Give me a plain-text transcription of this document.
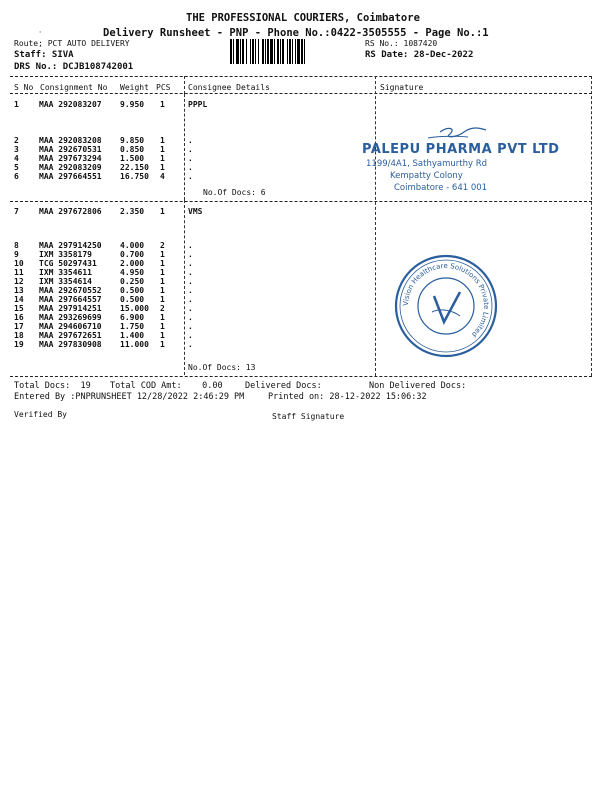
THE PROFESSIONAL COURIERS, Coimbatore
Delivery Runsheet - PNP - Phone No.:0422-3505555 - Page No.:1
Route; PCT AUTO DELIVERY
Staff: SIVA
DRS No.: DCJB108742001
RS No.: 1087420
RS Date: 28-Dec-2022
S No Consignment No Weight PCS Consignee Details	Signature
1	MAA 292083207 9.950 1	PPPL
2	MAA 292083208 9.850 1	.
3	MAA 292670531 0.850 1	.
4	MAA 297673294 1.500 1	.
5	MAA 292083209 22.150 1	.
6	MAA 297664551 16.750 4	.
7	MAA 297672806 2.350 1	VMS
8	MAA 297914250 4.000 2	.
9	IXM 3358179	0.700 1	.
10 TCG 50297431	2.000 1	.
11 IXM 3354611	4.950 1	.
12 IXM 3354614	0.250 1	.
13 MAA 292670552 0.500 1	.
14 MAA 297664557 0.500 1	.
15 MAA 297914251 15.000 2	.
16 MAA 293269699 6.900 1	.
17 MAA 294606710 1.750 1	.
18 MAA 297672651 1.400 1	.
19 MAA 297830908 11.000 1	.
No.Of Docs: 6
No.Of Docs: 13
Total Docs:  19 Total COD Amt:    0.00	Delivered Docs:	Non Delivered Docs:
Entered By :PNPRUNSHEET 12/28/2022 2:46:29 PM	Printed on: 28-12-2022 15:06:32
Verified By	Staff Signature
PALEPU PHARMA PVT LTD
1199/4A1, Sathyamurthy Rd
Kempatty Colony
Coimbatore - 641 001
Vision Healthcare Solutions Private Limited
'
